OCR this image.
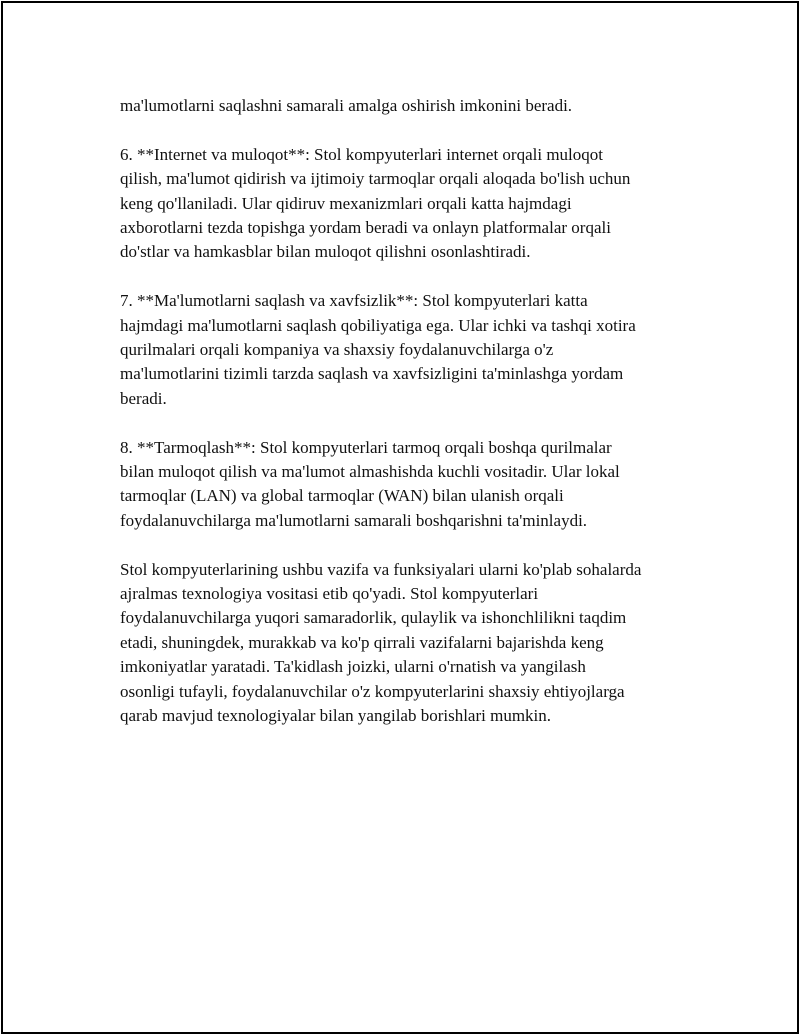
ma'lumotlarni saqlashni samarali amalga oshirish imkonini beradi.

6. **Internet va muloqot**: Stol kompyuterlari internet orqali muloqot
qilish, ma'lumot qidirish va ijtimoiy tarmoqlar orqali aloqada bo'lish uchun
keng qo'llaniladi. Ular qidiruv mexanizmlari orqali katta hajmdagi
axborotlarni tezda topishga yordam beradi va onlayn platformalar orqali
do'stlar va hamkasblar bilan muloqot qilishni osonlashtiradi.

7. **Ma'lumotlarni saqlash va xavfsizlik**: Stol kompyuterlari katta
hajmdagi ma'lumotlarni saqlash qobiliyatiga ega. Ular ichki va tashqi xotira
qurilmalari orqali kompaniya va shaxsiy foydalanuvchilarga o'z
ma'lumotlarini tizimli tarzda saqlash va xavfsizligini ta'minlashga yordam
beradi.

8. **Tarmoqlash**: Stol kompyuterlari tarmoq orqali boshqa qurilmalar
bilan muloqot qilish va ma'lumot almashishda kuchli vositadir. Ular lokal
tarmoqlar (LAN) va global tarmoqlar (WAN) bilan ulanish orqali
foydalanuvchilarga ma'lumotlarni samarali boshqarishni ta'minlaydi.

Stol kompyuterlarining ushbu vazifa va funksiyalari ularni ko'plab sohalarda
ajralmas texnologiya vositasi etib qo'yadi. Stol kompyuterlari
foydalanuvchilarga yuqori samaradorlik, qulaylik va ishonchlilikni taqdim
etadi, shuningdek, murakkab va ko'p qirrali vazifalarni bajarishda keng
imkoniyatlar yaratadi. Ta'kidlash joizki, ularni o'rnatish va yangilash
osonligi tufayli, foydalanuvchilar o'z kompyuterlarini shaxsiy ehtiyojlarga
qarab mavjud texnologiyalar bilan yangilab borishlari mumkin.
